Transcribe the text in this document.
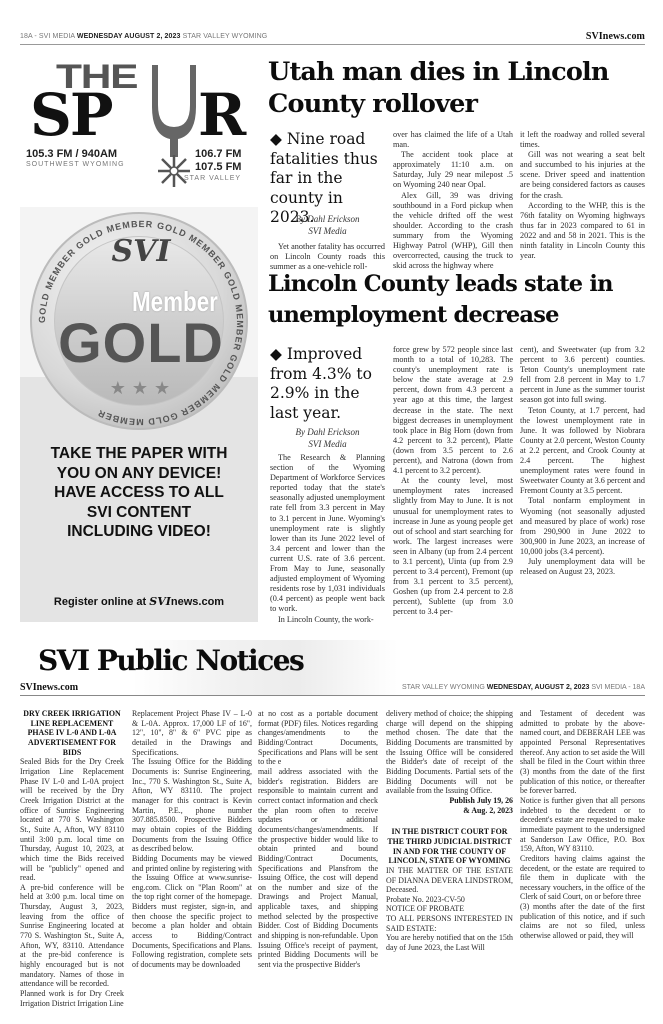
18A - SVI MEDIA WEDNESDAY AUGUST 2, 2023 STAR VALLEY WYOMING	SVInews.com
THE
SP R
105.3 FM / 940AM
SOUTHWEST WYOMING
106.7 FM
107.5 FM
STAR VALLEY
GOLD MEMBER GOLD MEMBER GOLD MEMBER GOLD MEMBER GOLD MEMBER GOLD MEMBER
SVI
Member
GOLD
★★★
TAKE THE PAPER WITH
YOU ON ANY DEVICE!
HAVE ACCESS TO ALL
SVI CONTENT
INCLUDING VIDEO!
Register online at SVInews.com
Utah man dies in Lincoln County rollover
◆ Nine road fatalities thus far in the county in 2023.
By Dahl Erickson
SVI Media

Yet another fatality has occurred on Lincoln County roads this summer as a one-vehicle roll-

over has claimed the life of a Utah man.

The accident took place at approximately 11:10 a.m. on Saturday, July 29 near milepost .5 on Wyoming 240 near Opal.

Alex Gill, 39 was driving southbound in a Ford pickup when the vehicle drifted off the west shoulder. According to the crash summary from the Wyoming Highway Patrol (WHP), Gill then overcorrected, causing the truck to skid across the highway where

it left the roadway and rolled several times.

Gill was not wearing a seat belt and succumbed to his injuries at the scene. Driver speed and inattention are being considered factors as causes for the crash.

According to the WHP, this is the 76th fatality on Wyoming highways thus far in 2023 compared to 61 in 2022 and and 58 in 2021. This is the ninth fatality in Lincoln County this year.

Lincoln County leads state in unemployment decrease
◆ Improved from 4.3% to 2.9% in the last year.
By Dahl Erickson
SVI Media

The Research & Planning section of the Wyoming Department of Workforce Services reported today that the state's seasonally adjusted unemployment rate fell from 3.3 percent in May to 3.1 percent in June. Wyoming's unemployment rate is slightly lower than its June 2022 level of 3.4 percent and lower than the current U.S. rate of 3.6 percent. From May to June, seasonally adjusted employment of Wyoming residents rose by 1,031 individuals (0.4 percent) as people went back to work.

In Lincoln County, the work-

force grew by 572 people since last month to a total of 10,283. The county's unemployment rate is below the state average at 2.9 percent, down from 4.3 percent a year ago at this time, the largest decrease in the state. The next biggest decreases in unemployment took place in Big Horn (down from 4.2 percent to 3.2 percent), Platte (down from 3.5 percent to 2.6 percent), and Natrona (down from 4.1 percent to 3.2 percent).

At the county level, most unemployment rates increased slightly from May to June. It is not unusual for unemployment rates to increase in June as young people get out of school and start searching for work. The largest increases were seen in Albany (up from 2.4 percent to 3.1 percent), Uinta (up from 2.9 percent to 3.4 percent), Fremont (up from 3.1 percent to 3.5 percent), Goshen (up from 2.4 percent to 2.8 percent), Sublette (up from 3.0 percent to 3.4 per-

cent), and Sweetwater (up from 3.2 percent to 3.6 percent) counties. Teton County's unemployment rate fell from 2.8 percent in May to 1.7 percent in June as the summer tourist season got into full swing.

Teton County, at 1.7 percent, had the lowest unemployment rate in June. It was followed by Niobrara County at 2.0 percent, Weston County at 2.2 percent, and Crook County at 2.4 percent. The highest unemployment rates were found in Sweetwater County at 3.6 percent and Fremont County at 3.5 percent.

Total nonfarm employment in Wyoming (not seasonally adjusted and measured by place of work) rose from 290,900 in June 2022 to 300,900 in June 2023, an increase of 10,000 jobs (3.4 percent).

July unemployment data will be released on August 23, 2023.

SVI Public Notices
SVInews.com	STAR VALLEY WYOMING WEDNESDAY, AUGUST 2, 2023 SVI MEDIA - 18A

DRY CREEK IRRIGATION LINE REPLACEMENT PHASE IV L-0 AND L-0A ADVERTISEMENT FOR BIDS

Sealed Bids for the Dry Creek Irrigation Line Replacement Phase IV L-0 and L-0A project will be received by the Dry Creek Irrigation District at the office of Sunrise Engineering located at 770 S. Washington St., Suite A, Afton, WY 83110 until 3:00 p.m. local time on Thursday, August 10, 2023, at which time the Bids received will be "publicly" opened and read.

A pre-bid conference will be held at 3:00 p.m. local time on Thursday, August 3, 2023, leaving from the office of Sunrise Engineering located at 770 S. Washington St., Suite A, Afton, WY, 83110. Attendance at the pre-bid conference is highly encouraged but is not mandatory. Names of those in attendance will be recorded.

Planned work is for Dry Creek Irrigation District Irrigation Line

Replacement Project Phase IV – L-0 & L-0A. Approx. 17,000 LF of 16", 12", 10", 8" & 6" PVC pipe as detailed in the Drawings and Specifications.

The Issuing Office for the Bidding Documents is: Sunrise Engineering, Inc., 770 S. Washington St., Suite A, Afton, WY 83110. The project manager for this contract is Kevin Martin, P.E., phone number 307.885.8500. Prospective Bidders may obtain copies of the Bidding Documents from the Issuing Office as described below.

Bidding Documents may be viewed and printed online by registering with the Issuing Office at www.sunrise-eng.com. Click on "Plan Room" at the top right corner of the homepage. Bidders must register, sign-in, and then choose the specific project to become a plan holder and obtain access to Bidding/Contract Documents, Specifications and Plans. Following registration, complete sets of documents may be downloaded

at no cost as a portable document format (PDF) files. Notices regarding changes/amendments to the Bidding/Contract Documents, Specifications and Plans will be sent to the e

mail address associated with the bidder's registration. Bidders are responsible to maintain current and correct contact information and check the plan room often to receive updates or additional documents/changes/amendments. If the prospective bidder would like to obtain printed and bound Bidding/Contract Documents, Specifications and Plansfrom the Issuing Office, the cost will depend on the number and size of the Drawings and Project Manual, applicable taxes, and shipping method selected by the prospective Bidder. Cost of Bidding Documents and shipping is non-refundable. Upon Issuing Office's receipt of payment, printed Bidding Documents will be sent via the prospective Bidder's

delivery method of choice; the shipping charge will depend on the shipping method chosen. The date that the Bidding Documents are transmitted by the Issuing Office will be considered the Bidder's date of receipt of the Bidding Documents. Partial sets of the Bidding Documents will not be available from the Issuing Office.

Publish July 19, 26

& Aug. 2, 2023

IN THE DISTRICT COURT FOR THE THIRD JUDICIAL DISTRICT IN AND FOR THE COUNTY OF LINCOLN, STATE OF WYOMING

IN THE MATTER OF THE ESTATE OF DIANNA DEVERA LINDSTROM, Deceased.

Probate No. 2023-CV-50

NOTICE OF PROBATE

TO ALL PERSONS INTERESTED IN SAID ESTATE:

You are hereby notified that on the 15th day of June 2023, the Last Will

and Testament of decedent was admitted to probate by the above-named court, and DEBERAH LEE was appointed Personal Representatives thereof. Any action to set aside the Will shall be filed in the Court within three (3) months from the date of the first publication of this notice, or thereafter be forever barred.

Notice is further given that all persons indebted to the decedent or to decedent's estate are requested to make immediate payment to the undersigned at Sanderson Law Office, P.O. Box 159, Afton, WY 83110.

Creditors having claims against the decedent, or the estate are required to file them in duplicate with the necessary vouchers, in the office of the Clerk of said Court, on or before three

(3) months after the date of the first publication of this notice, and if such claims are not so filed, unless otherwise allowed or paid, they will
